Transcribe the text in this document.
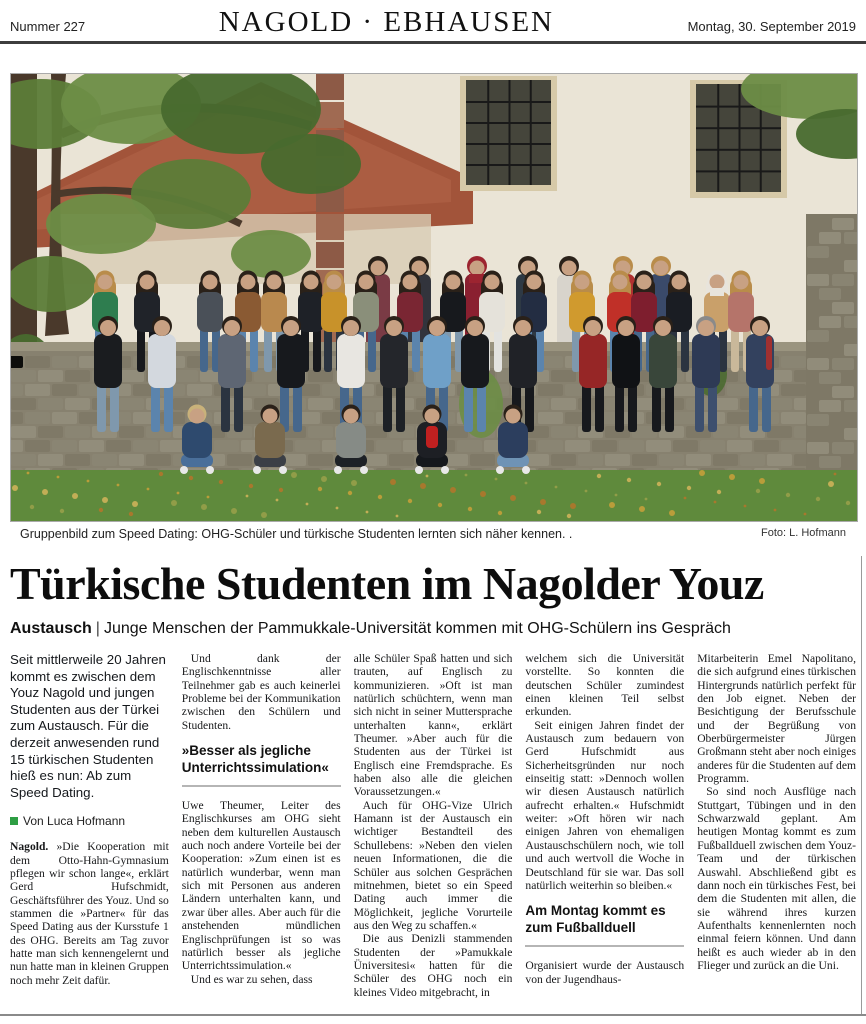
Nummer 227	NAGOLD · EBHAUSEN	Montag, 30. September 2019
Gruppenbild zum Speed Dating: OHG-Schüler und türkische Studenten lernten sich näher kennen. .	Foto: L. Hofmann
Türkische Studenten im Nagolder Youz
Austausch | Junge Menschen der Pammukkale-Universität kommen mit OHG-Schülern ins Gespräch

Seit mittlerweile 20 Jahren kommt es zwischen dem Youz Nagold und jungen Studenten aus der Türkei zum Austausch. Für die derzeit anwesenden rund 15 türkischen Studenten hieß es nun: Ab zum Speed Dating.

Von Luca Hofmann

Nagold. »Die Kooperation mit dem Otto-Hahn-Gymnasium pflegen wir schon lange«, erklärt Gerd Hufschmidt, Geschäftsführer des Youz. Und so stammen die »Partner« für das Speed Dating aus der Kursstufe 1 des OHG. Bereits am Tag zuvor hatte man sich kennengelernt und nun hatte man in kleinen Gruppen noch mehr Zeit dafür.

Und dank der Englischkenntnisse aller Teilnehmer gab es auch keinerlei Probleme bei der Kommunikation zwischen den Schülern und Studenten.

»Besser als jegliche Unterrichtssimulation«

Uwe Theumer, Leiter des Englischkurses am OHG sieht neben dem kulturellen Austausch auch noch andere Vorteile bei der Kooperation: »Zum einen ist es natürlich wunderbar, wenn man sich mit Personen aus anderen Ländern unterhalten kann, und zwar über alles. Aber auch für die anstehenden mündlichen Englischprüfungen ist so was natürlich besser als jegliche Unterrichtssimulation.«

Und es war zu sehen, dass

alle Schüler Spaß hatten und sich trauten, auf Englisch zu kommunizieren. »Oft ist man natürlich schüchtern, wenn man sich nicht in seiner Muttersprache unterhalten kann«, erklärt Theumer. »Aber auch für die Studenten aus der Türkei ist Englisch eine Fremdsprache. Es haben also alle die gleichen Voraussetzungen.«

Auch für OHG-Vize Ulrich Hamann ist der Austausch ein wichtiger Bestandteil des Schullebens: »Neben den vielen neuen Informationen, die die Schüler aus solchen Gesprächen mitnehmen, bietet so ein Speed Dating auch immer die Möglichkeit, jegliche Vorurteile aus den Weg zu schaffen.«

Die aus Denizli stammenden Studenten der »Pamukkale Üniversitesi« hatten für die Schüler des OHG noch ein kleines Video mitgebracht, in

welchem sich die Universität vorstellte. So konnten die deutschen Schüler zumindest einen kleinen Teil selbst erkunden.

Seit einigen Jahren findet der Austausch zum bedauern von Gerd Hufschmidt aus Sicherheitsgründen nur noch einseitig statt: »Dennoch wollen wir diesen Austausch natürlich aufrecht erhalten.« Hufschmidt weiter: »Oft hören wir nach einigen Jahren von ehemaligen Austauschschülern noch, wie toll und auch wertvoll die Woche in Deutschland für sie war. Das soll natürlich weiterhin so bleiben.«

Am Montag kommt es zum Fußballduell

Organisiert wurde der Austausch von der Jugendhaus-

Mitarbeiterin Emel Napolitano, die sich aufgrund eines türkischen Hintergrunds natürlich perfekt für den Job eignet. Neben der Besichtigung der Berufsschule und der Begrüßung von Oberbürgermeister Jürgen Großmann steht aber noch einiges anderes für die Studenten auf dem Programm.

So sind noch Ausflüge nach Stuttgart, Tübingen und in den Schwarzwald geplant. Am heutigen Montag kommt es zum Fußballduell zwischen dem Youz-Team und der türkischen Auswahl. Abschließend gibt es dann noch ein türkisches Fest, bei dem die Studenten mit allen, die sie während ihres kurzen Aufenthalts kennenlernten noch einmal feiern können. Und dann heißt es auch wieder ab in den Flieger und zurück an die Uni.
